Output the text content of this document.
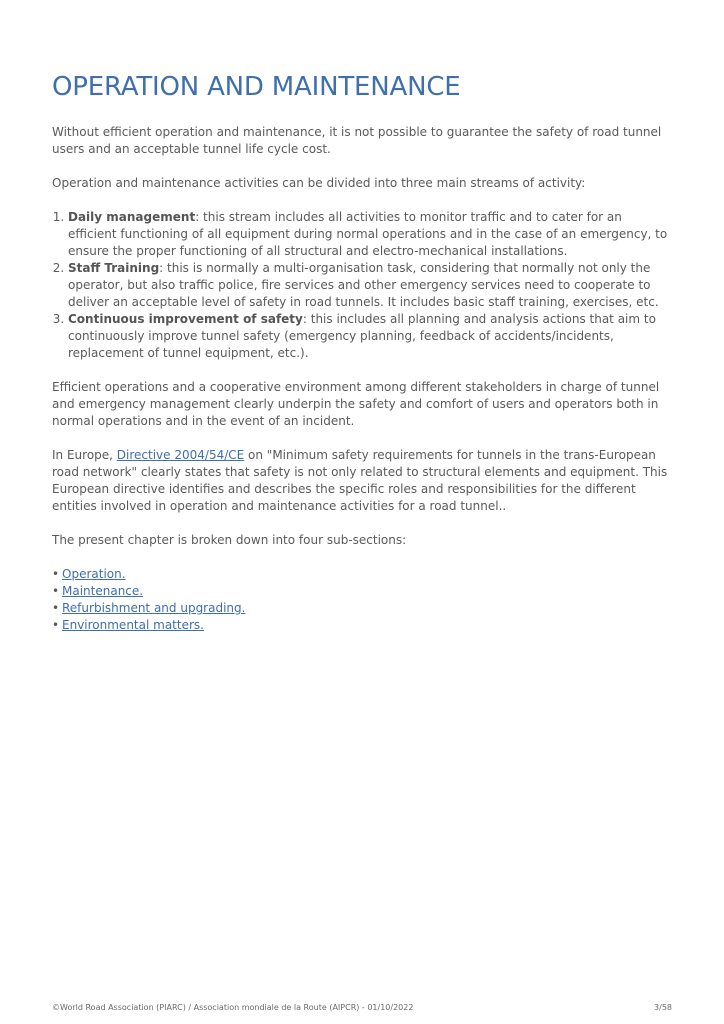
OPERATION AND MAINTENANCE

Without efficient operation and maintenance, it is not possible to guarantee the safety of road tunnel users and an acceptable tunnel life cycle cost.

Operation and maintenance activities can be divided into three main streams of activity:

1. Daily management: this stream includes all activities to monitor traffic and to cater for an efficient functioning of all equipment during normal operations and in the case of an emergency, to ensure the proper functioning of all structural and electro-mechanical installations.
2. Staff Training: this is normally a multi-organisation task, considering that normally not only the operator, but also traffic police, fire services and other emergency services need to cooperate to deliver an acceptable level of safety in road tunnels. It includes basic staff training, exercises, etc.
3. Continuous improvement of safety: this includes all planning and analysis actions that aim to continuously improve tunnel safety (emergency planning, feedback of accidents/incidents, replacement of tunnel equipment, etc.).

Efficient operations and a cooperative environment among different stakeholders in charge of tunnel and emergency management clearly underpin the safety and comfort of users and operators both in normal operations and in the event of an incident.

In Europe, Directive 2004/54/CE on "Minimum safety requirements for tunnels in the trans-European road network" clearly states that safety is not only related to structural elements and equipment. This European directive identifies and describes the specific roles and responsibilities for the different entities involved in operation and maintenance activities for a road tunnel..

The present chapter is broken down into four sub-sections:

• Operation.
• Maintenance.
• Refurbishment and upgrading.
• Environmental matters.
©World Road Association (PIARC) / Association mondiale de la Route (AIPCR) - 01/10/2022	3/58
